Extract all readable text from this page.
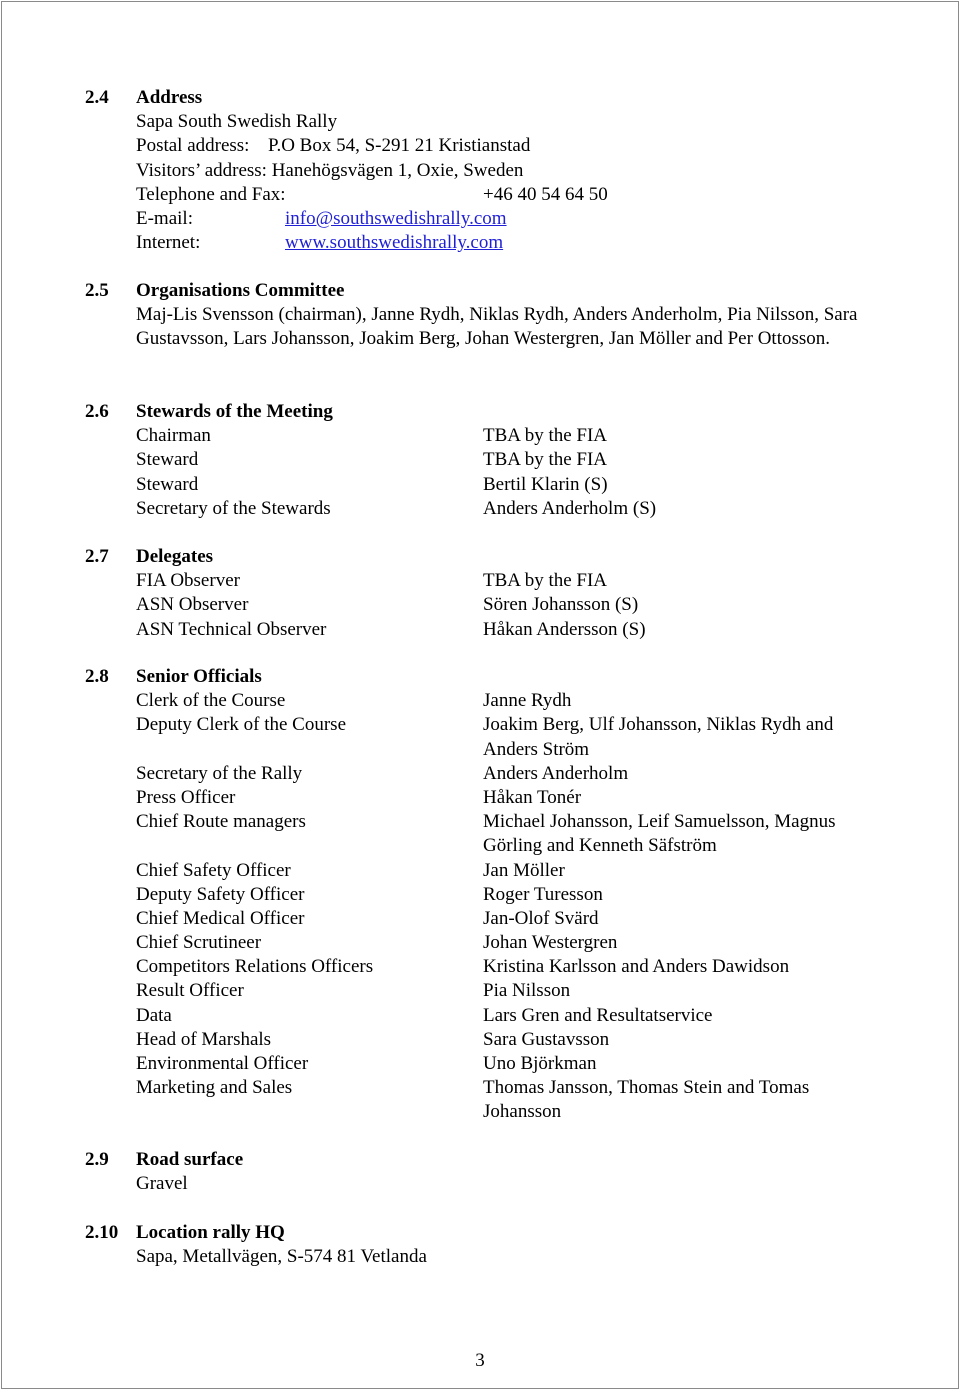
2.4 Address
Sapa South Swedish Rally
Postal address: P.O Box 54, S-291 21 Kristianstad
Visitors’ address: Hanehögsvägen 1, Oxie, Sweden
Telephone and Fax:	+46 40 54 64 50
E-mail:	info@southswedishrally.com
Internet:	www.southswedishrally.com
2.5 Organisations Committee
Maj-Lis Svensson (chairman), Janne Rydh, Niklas Rydh, Anders Anderholm, Pia Nilsson, Sara Gustavsson, Lars Johansson, Joakim Berg, Johan Westergren, Jan Möller and Per Ottosson.
2.6 Stewards of the Meeting
Chairman	TBA by the FIA
Steward	TBA by the FIA
Steward	Bertil Klarin (S)
Secretary of the Stewards	Anders Anderholm (S)
2.7 Delegates
FIA Observer	TBA by the FIA
ASN Observer	Sören Johansson (S)
ASN Technical Observer	Håkan Andersson (S)
2.8 Senior Officials
Clerk of the Course	Janne Rydh
Deputy Clerk of the Course	Joakim Berg, Ulf Johansson, Niklas Rydh and
Anders Ström
Secretary of the Rally	Anders Anderholm
Press Officer	Håkan Tonér
Chief Route managers	Michael Johansson, Leif Samuelsson, Magnus
Görling and Kenneth Säfström
Chief Safety Officer	Jan Möller
Deputy Safety Officer	Roger Turesson
Chief Medical Officer	Jan-Olof Svärd
Chief Scrutineer	Johan Westergren
Competitors Relations Officers	Kristina Karlsson and Anders Dawidson
Result Officer	Pia Nilsson
Data	Lars Gren and Resultatservice
Head of Marshals	Sara Gustavsson
Environmental Officer	Uno Björkman
Marketing and Sales	Thomas Jansson, Thomas Stein and Tomas
Johansson
2.9 Road surface
Gravel
2.10 Location rally HQ
Sapa, Metallvägen, S-574 81 Vetlanda
3
